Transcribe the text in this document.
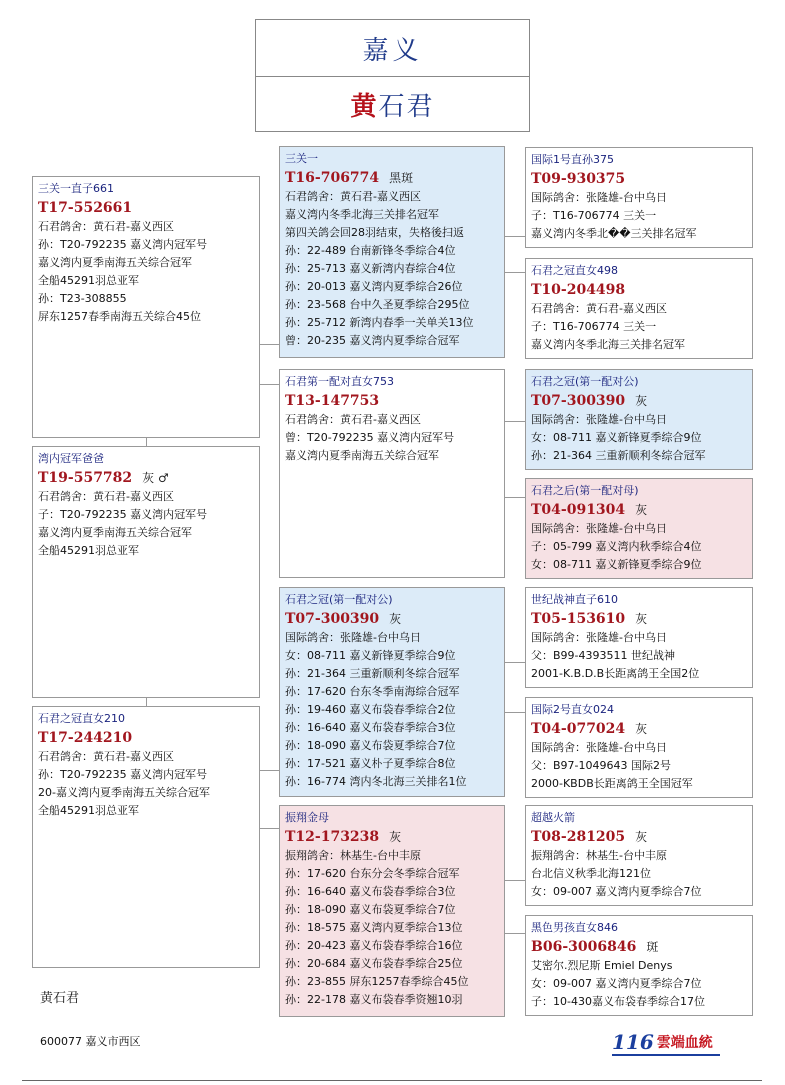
嘉义
黄石君
三关一直子661
T17-552661
石君鸽舍：黄石君-嘉义西区
孙：T20-792235 嘉义湾内冠军号
嘉义湾内夏季南海五关综合冠军
全船45291羽总亚军
孙：T23-308855
屏东1257春季南海五关综合45位
湾内冠军爸爸
T19-557782 灰 ♂
石君鸽舍：黄石君-嘉义西区
子：T20-792235 嘉义湾内冠军号
嘉义湾内夏季南海五关综合冠军
全船45291羽总亚军
石君之冠直女210
T17-244210
石君鸽舍：黄石君-嘉义西区
孙：T20-792235 嘉义湾内冠军号
20-嘉义湾内夏季南海五关综合冠军
全船45291羽总亚军
三关一
T16-706774 黑斑
石君鸽舍：黄石君-嘉义西区
嘉义湾内冬季北海三关排名冠军
第四关鸽会回28羽结束，失格後扫返
孙：22-489 台南新锋冬季综合4位
孙：25-713 嘉义新湾内春综合4位
孙：20-013 嘉义湾内夏季综合26位
孙：23-568 台中久圣夏季综合295位
孙：25-712 新湾内春季一关单关13位
曾：20-235 嘉义湾内夏季综合冠军
石君第一配对直女753
T13-147753
石君鸽舍：黄石君-嘉义西区
曾：T20-792235 嘉义湾内冠军号
嘉义湾内夏季南海五关综合冠军
石君之冠(第一配对公)
T07-300390 灰
国际鸽舍：张隆雄-台中乌日
女：08-711 嘉义新锋夏季综合9位
孙：21-364 三重新顺利冬综合冠军
孙：17-620 台东冬季南海综合冠军
孙：19-460 嘉义布袋春季综合2位
孙：16-640 嘉义布袋春季综合3位
孙：18-090 嘉义布袋夏季综合7位
孙：17-521 嘉义朴子夏季综合8位
孙：16-774 湾内冬北海三关排名1位
振翔金母
T12-173238 灰
振翔鸽舍：林基生-台中丰原
孙：17-620 台东分会冬季综合冠军
孙：16-640 嘉义布袋春季综合3位
孙：18-090 嘉义布袋夏季综合7位
孙：18-575 嘉义湾内夏季综合13位
孙：20-423 嘉义布袋春季综合16位
孙：20-684 嘉义布袋春季综合25位
孙：23-855 屏东1257春季综合45位
孙：22-178 嘉义布袋春季资翘10羽
国际1号直孙375
T09-930375
国际鸽舍：张隆雄-台中乌日
子：T16-706774 三关一
嘉义湾内冬季北��三关排名冠军
石君之冠直女498
T10-204498
石君鸽舍：黄石君-嘉义西区
子：T16-706774 三关一
嘉义湾内冬季北海三关排名冠军
石君之冠(第一配对公)
T07-300390 灰
国际鸽舍：张隆雄-台中乌日
女：08-711 嘉义新锋夏季综合9位
孙：21-364 三重新顺利冬综合冠军
石君之后(第一配对母)
T04-091304 灰
国际鸽舍：张隆雄-台中乌日
子：05-799 嘉义湾内秋季综合4位
女：08-711 嘉义新锋夏季综合9位
世纪战神直子610
T05-153610 灰
国际鸽舍：张隆雄-台中乌日
父：B99-4393511 世纪战神
2001-K.B.D.B长距离鸽王全国2位
国际2号直女024
T04-077024 灰
国际鸽舍：张隆雄-台中乌日
父：B97-1049643 国际2号
2000-KBDB长距离鸽王全国冠军
超越火箭
T08-281205 灰
振翔鸽舍：林基生-台中丰原
台北信义秋季北海121位
女：09-007 嘉义湾内夏季综合7位
黑色男孩直女846
B06-3006846 斑
艾密尔.烈尼斯 Emiel Denys
女：09-007 嘉义湾内夏季综合7位
子：10-430嘉义布袋春季综合17位
黄石君
600077 嘉义市西区	116 雲端血統
